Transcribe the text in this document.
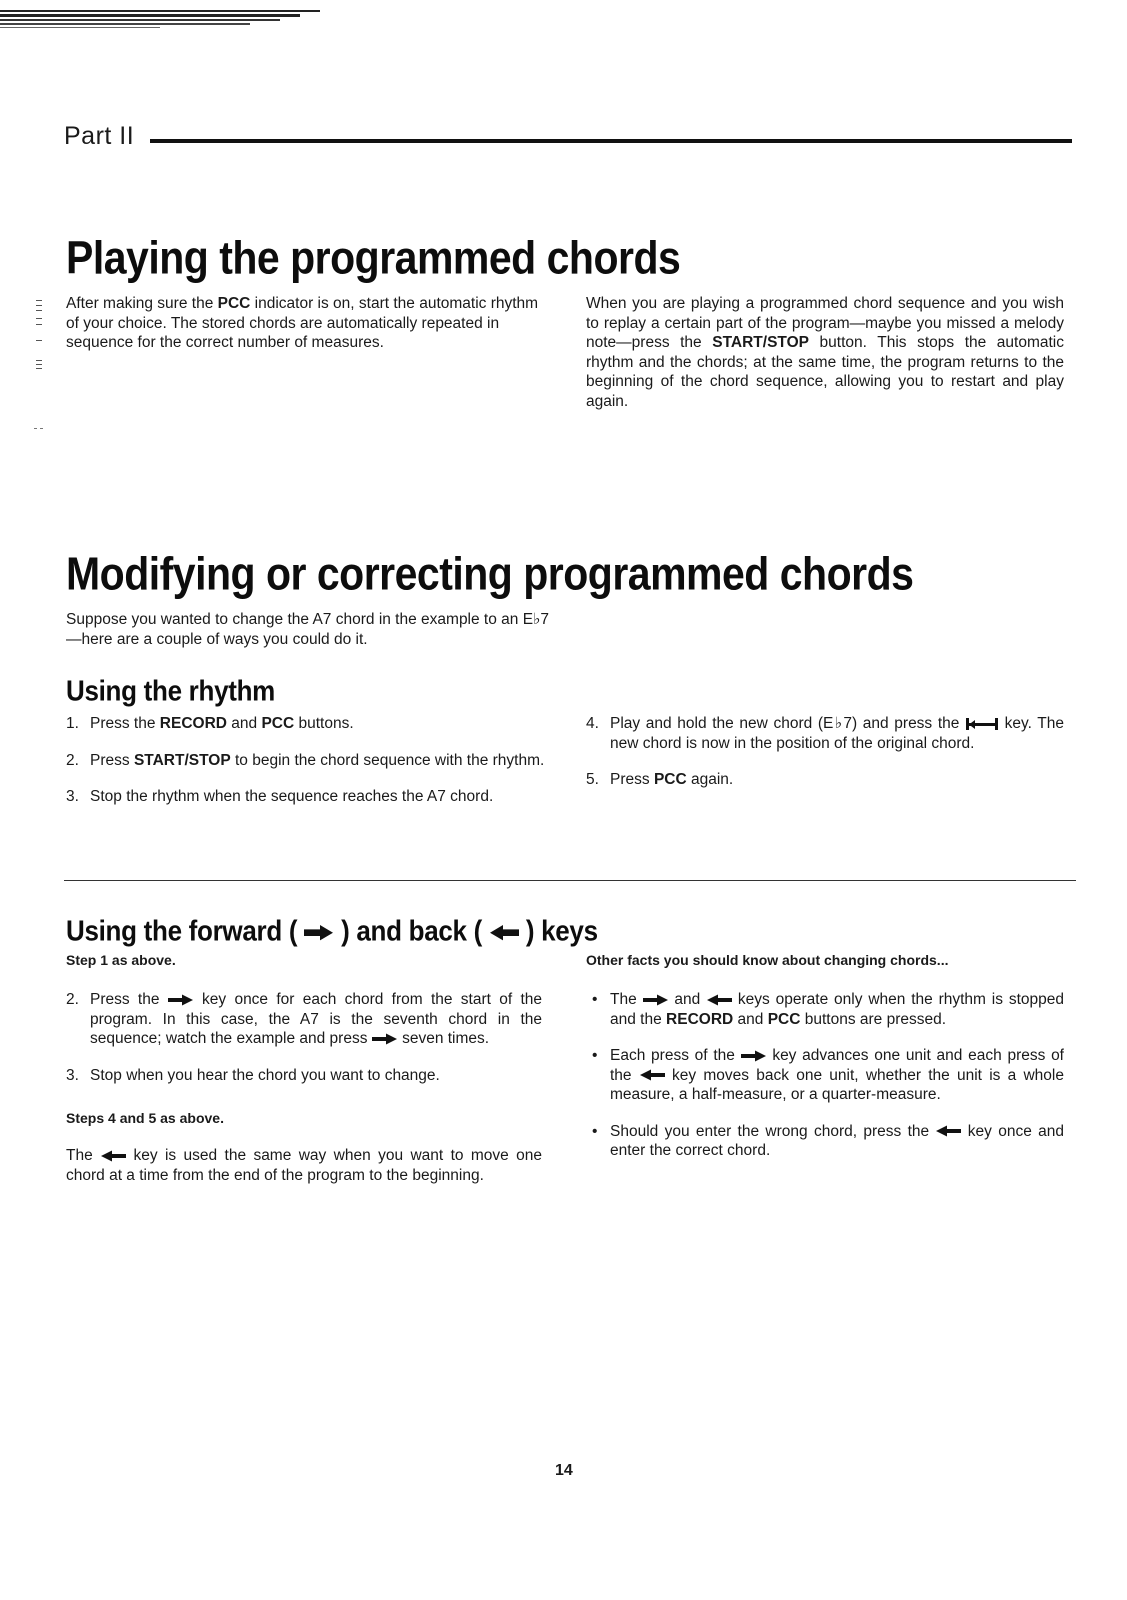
Part II
Playing the programmed chords

After making sure the PCC indicator is on, start the automatic rhythm of your choice. The stored chords are automatically repeated in sequence for the correct number of measures.

When you are playing a programmed chord sequence and you wish to replay a certain part of the program—maybe you missed a melody note—press the START/STOP button. This stops the automatic rhythm and the chords; at the same time, the program returns to the beginning of the chord sequence, allowing you to restart and play again.

Modifying or correcting programmed chords

Suppose you wanted to change the A7 chord in the example to an E♭7—here are a couple of ways you could do it.

Using the rhythm
1. Press the RECORD and PCC buttons.
2. Press START/STOP to begin the chord sequence with the rhythm.
3. Stop the rhythm when the sequence reaches the A7 chord.
4. Play and hold the new chord (E♭7) and press the  key. The new chord is now in the position of the original chord.
5. Press PCC again.
Using the forward ( ) and back ( ) keys
Step 1 as above.
2. Press the  key once for each chord from the start of the program. In this case, the A7 is the seventh chord in the sequence; watch the example and press  seven times.
3. Stop when you hear the chord you want to change.
Steps 4 and 5 as above.

The  key is used the same way when you want to move one chord at a time from the end of the program to the beginning.

Other facts you should know about changing chords...
• The  and  keys operate only when the rhythm is stopped and the RECORD and PCC buttons are pressed.
• Each press of the  key advances one unit and each press of the  key moves back one unit, whether the unit is a whole measure, a half-measure, or a quarter-measure.
• Should you enter the wrong chord, press the  key once and enter the correct chord.
14
